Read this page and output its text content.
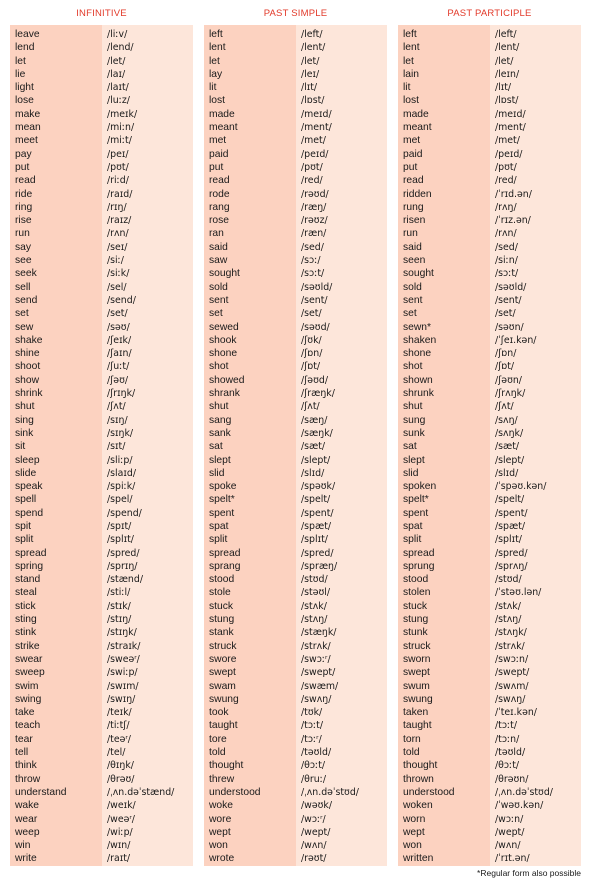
INFINITIVE
leave	/liːv/
lend	/lend/
let	/let/
lie	/laɪ/
light	/laɪt/
lose	/luːz/
make	/meɪk/
mean	/miːn/
meet	/miːt/
pay	/peɪ/
put	/pʊt/
read	/riːd/
ride	/raɪd/
ring	/rɪŋ/
rise	/raɪz/
run	/rʌn/
say	/seɪ/
see	/siː/
seek	/siːk/
sell	/sel/
send	/send/
set	/set/
sew	/səʊ/
shake	/ʃeɪk/
shine	/ʃaɪn/
shoot	/ʃuːt/
show	/ʃəʊ/
shrink	/ʃrɪŋk/
shut	/ʃʌt/
sing	/sɪŋ/
sink	/sɪŋk/
sit	/sɪt/
sleep	/sliːp/
slide	/slaɪd/
speak	/spiːk/
spell	/spel/
spend	/spend/
spit	/spɪt/
split	/splɪt/
spread	/spred/
spring	/sprɪŋ/
stand	/stænd/
steal	/stiːl/
stick	/stɪk/
sting	/stɪŋ/
stink	/stɪŋk/
strike	/straɪk/
swear	/sweəʳ/
sweep	/swiːp/
swim	/swɪm/
swing	/swɪŋ/
take	/teɪk/
teach	/tiːtʃ/
tear	/teəʳ/
tell	/tel/
think	/θɪŋk/
throw	/θrəʊ/
understand	/ˌʌn.dəˈstænd/
wake	/weɪk/
wear	/weəʳ/
weep	/wiːp/
win	/wɪn/
write	/raɪt/
PAST SIMPLE
left	/left/
lent	/lent/
let	/let/
lay	/leɪ/
lit	/lɪt/
lost	/lɒst/
made	/meɪd/
meant	/ment/
met	/met/
paid	/peɪd/
put	/pʊt/
read	/red/
rode	/rəʊd/
rang	/ræŋ/
rose	/rəʊz/
ran	/ræn/
said	/sed/
saw	/sɔː/
sought	/sɔːt/
sold	/səʊld/
sent	/sent/
set	/set/
sewed	/səʊd/
shook	/ʃʊk/
shone	/ʃɒn/
shot	/ʃɒt/
showed	/ʃəʊd/
shrank	/ʃræŋk/
shut	/ʃʌt/
sang	/sæŋ/
sank	/sæŋk/
sat	/sæt/
slept	/slept/
slid	/slɪd/
spoke	/spəʊk/
spelt*	/spelt/
spent	/spent/
spat	/spæt/
split	/splɪt/
spread	/spred/
sprang	/spræŋ/
stood	/stʊd/
stole	/stəʊl/
stuck	/stʌk/
stung	/stʌŋ/
stank	/stæŋk/
struck	/strʌk/
swore	/swɔːʳ/
swept	/swept/
swam	/swæm/
swung	/swʌŋ/
took	/tʊk/
taught	/tɔːt/
tore	/tɔːʳ/
told	/təʊld/
thought	/θɔːt/
threw	/θruː/
understood	/ˌʌn.dəˈstʊd/
woke	/wəʊk/
wore	/wɔːʳ/
wept	/wept/
won	/wʌn/
wrote	/rəʊt/
PAST PARTICIPLE
left	/left/
lent	/lent/
let	/let/
lain	/leɪn/
lit	/lɪt/
lost	/lɒst/
made	/meɪd/
meant	/ment/
met	/met/
paid	/peɪd/
put	/pʊt/
read	/red/
ridden	/ˈrɪd.ən/
rung	/rʌŋ/
risen	/ˈrɪz.ən/
run	/rʌn/
said	/sed/
seen	/siːn/
sought	/sɔːt/
sold	/səʊld/
sent	/sent/
set	/set/
sewn*	/səʊn/
shaken	/ˈʃeɪ.kən/
shone	/ʃɒn/
shot	/ʃɒt/
shown	/ʃəʊn/
shrunk	/ʃrʌŋk/
shut	/ʃʌt/
sung	/sʌŋ/
sunk	/sʌŋk/
sat	/sæt/
slept	/slept/
slid	/slɪd/
spoken	/ˈspəʊ.kən/
spelt*	/spelt/
spent	/spent/
spat	/spæt/
split	/splɪt/
spread	/spred/
sprung	/sprʌŋ/
stood	/stʊd/
stolen	/ˈstəʊ.lən/
stuck	/stʌk/
stung	/stʌŋ/
stunk	/stʌŋk/
struck	/strʌk/
sworn	/swɔːn/
swept	/swept/
swum	/swʌm/
swung	/swʌŋ/
taken	/ˈteɪ.kən/
taught	/tɔːt/
torn	/tɔːn/
told	/təʊld/
thought	/θɔːt/
thrown	/θrəʊn/
understood	/ˌʌn.dəˈstʊd/
woken	/ˈwəʊ.kən/
worn	/wɔːn/
wept	/wept/
won	/wʌn/
written	/ˈrɪt.ən/
*Regular form also possible
